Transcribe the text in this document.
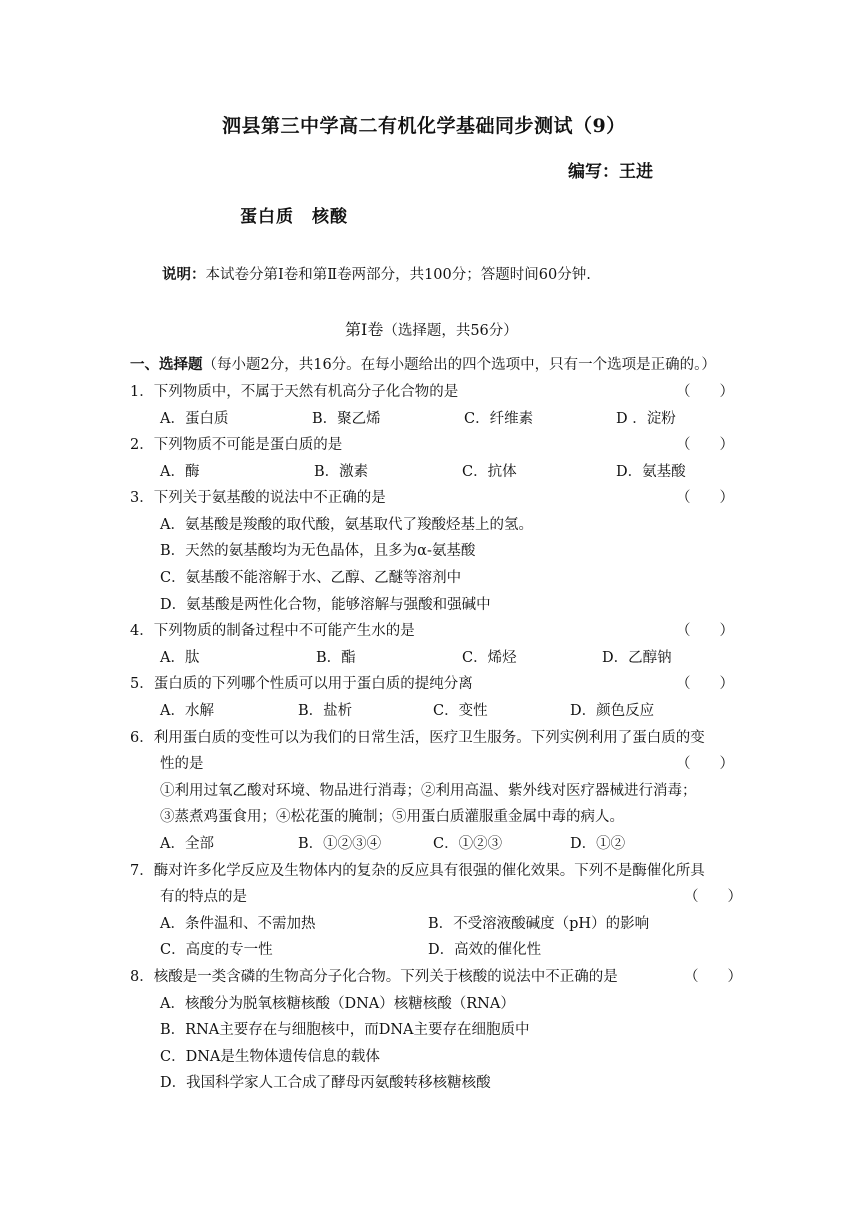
泗县第三中学高二有机化学基础同步测试（9）
编写：王进
蛋白质　核酸
说明：本试卷分第Ⅰ卷和第Ⅱ卷两部分，共100分；答题时间60分钟.
第Ⅰ卷（选择题，共56分）
一、选择题（每小题2分，共16分。在每小题给出的四个选项中，只有一个选项是正确的。）
1．下列物质中，不属于天然有机高分子化合物的是	（　　）
A．蛋白质	B．聚乙烯	C．纤维素	D ．淀粉
2．下列物质不可能是蛋白质的是	（　　）
A．酶	B．激素	C．抗体	D．氨基酸
3．下列关于氨基酸的说法中不正确的是	（　　）
A．氨基酸是羧酸的取代酸，氨基取代了羧酸烃基上的氢。
B．天然的氨基酸均为无色晶体，且多为α-氨基酸
C．氨基酸不能溶解于水、乙醇、乙醚等溶剂中
D．氨基酸是两性化合物，能够溶解与强酸和强碱中
4．下列物质的制备过程中不可能产生水的是	（　　）
A．肽	B．酯	C．烯烃	D．乙醇钠
5．蛋白质的下列哪个性质可以用于蛋白质的提纯分离	（　　）
A．水解	B．盐析	C．变性	D．颜色反应
6．利用蛋白质的变性可以为我们的日常生活，医疗卫生服务。下列实例利用了蛋白质的变
性的是	（　　）
①利用过氧乙酸对环境、物品进行消毒；②利用高温、紫外线对医疗器械进行消毒；
③蒸煮鸡蛋食用；④松花蛋的腌制；⑤用蛋白质灌服重金属中毒的病人。
A．全部	B．①②③④	C．①②③	D．①②
7．酶对许多化学反应及生物体内的复杂的反应具有很强的催化效果。下列不是酶催化所具
有的特点的是	（　　）
A．条件温和、不需加热	B．不受溶液酸碱度（pH）的影响
C．高度的专一性	D．高效的催化性
8．核酸是一类含磷的生物高分子化合物。下列关于核酸的说法中不正确的是	（　　）
A．核酸分为脱氧核糖核酸（DNA）核糖核酸（RNA）
B．RNA主要存在与细胞核中，而DNA主要存在细胞质中
C．DNA是生物体遗传信息的载体
D．我国科学家人工合成了酵母丙氨酸转移核糖核酸
